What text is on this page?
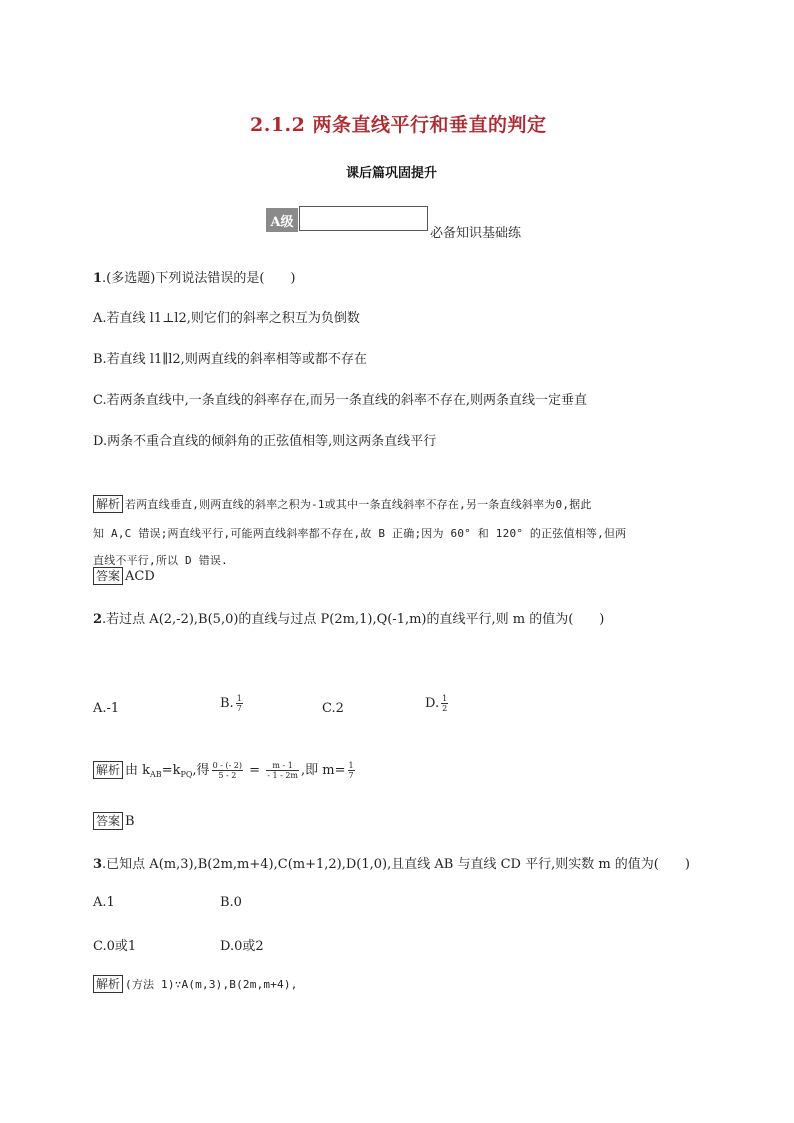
2.1.2 两条直线平行和垂直的判定
课后篇巩固提升
A级
必备知识基础练
1.(多选题)下列说法错误的是(　　)
A.若直线 l1⊥l2,则它们的斜率之积互为负倒数
B.若直线 l1∥l2,则两直线的斜率相等或都不存在
C.若两条直线中,一条直线的斜率存在,而另一条直线的斜率不存在,则两条直线一定垂直
D.两条不重合直线的倾斜角的正弦值相等,则这两条直线平行
解析 若两直线垂直,则两直线的斜率之积为-1或其中一条直线斜率不存在,另一条直线斜率为0,据此
知 A,C 错误;两直线平行,可能两直线斜率都不存在,故 B 正确;因为 60° 和 120° 的正弦值相等,但两
直线不平行,所以 D 错误.
答案 ACD
2.若过点 A(2,-2),B(5,0)的直线与过点 P(2m,1),Q(-1,m)的直线平行,则 m 的值为(　　)
A.-1	B. $\frac{1}{7}$	C.2	D. $\frac{1}{2}$
解析 由 $k_{AB}=k_{PQ}$,得 $\frac{0 - (- 2)}{5 - 2} = \frac{m - 1}{- 1 - 2m}$ ,即 $m= \frac{1}{7}$
答案 B
3.已知点 A(m,3),B(2m,m+4),C(m+1,2),D(1,0),且直线 AB 与直线 CD 平行,则实数 m 的值为(　　)
A.1	B.0
C.0或1	D.0或2
解析 (方法 1)∵A(m,3),B(2m,m+4),
